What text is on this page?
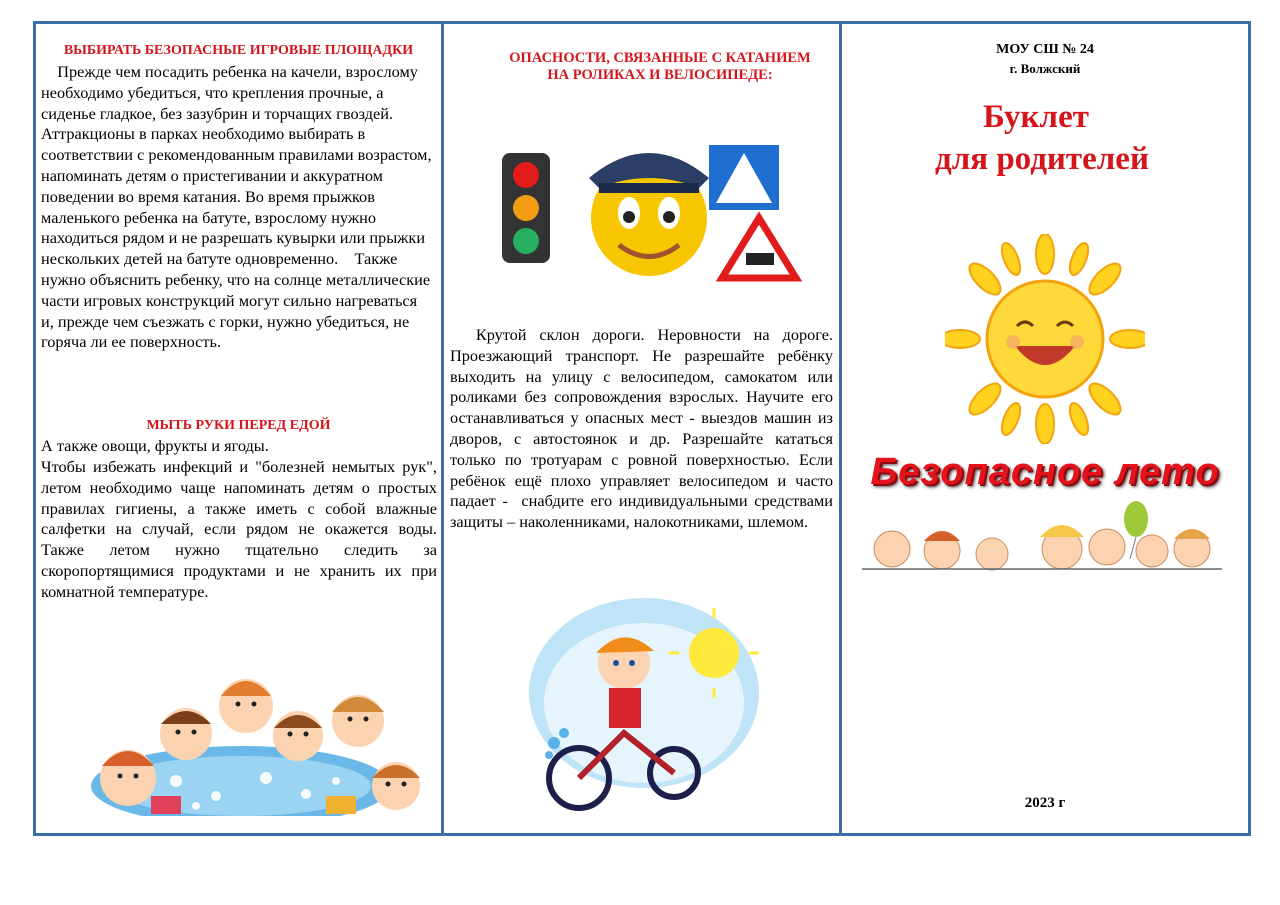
ВЫБИРАТЬ БЕЗОПАСНЫЕ ИГРОВЫЕ ПЛОЩАДКИ

Прежде чем посадить ребенка на качели, взрослому необходимо убедиться, что крепления прочные, а сиденье гладкое, без зазубрин и торчащих гвоздей. Аттракционы в парках необходимо выбирать в соответствии с рекомендованным правилами возрастом, напоминать детям о пристегивании и аккуратном поведении во время катания. Во время прыжков маленького ребенка на батуте, взрослому нужно находиться рядом и не разрешать кувырки или прыжки нескольких детей на батуте одновременно.    Также нужно объяснить ребенку, что на солнце металлические части игровых конструкций могут сильно нагреваться и, прежде чем съезжать с горки, нужно убедиться, не горяча ли ее поверхность.

МЫТЬ РУКИ ПЕРЕД ЕДОЙ

А также овощи, фрукты и ягоды.

Чтобы избежать инфекций и "болезней немытых рук", летом необходимо чаще напоминать детям о простых правилах гигиены, а также иметь с собой влажные салфетки на случай, если рядом не окажется воды. Также летом нужно тщательно следить за скоропортящимися продуктами и не хранить их при комнатной температуре.

ОПАСНОСТИ, СВЯЗАННЫЕ С КАТАНИЕМ

НА РОЛИКАХ И ВЕЛОСИПЕДЕ:

Крутой склон дороги. Неровности на дороге. Проезжающий транспорт. Не разрешайте ребёнку выходить на улицу с велосипедом, самокатом или роликами без сопровождения взрослых. Научите его останавливаться у опасных мест - выездов машин из дворов, с автостоянок и др. Разрешайте кататься только по тротуарам с ровной поверхностью. Если ребёнок ещё плохо управляет велосипедом и часто падает -  снабдите его индивидуальными средствами защиты – наколенниками, налокотниками, шлемом.

МОУ СШ № 24

г. Волжский

Буклет

для родителей

Безопасное лето

2023 г
